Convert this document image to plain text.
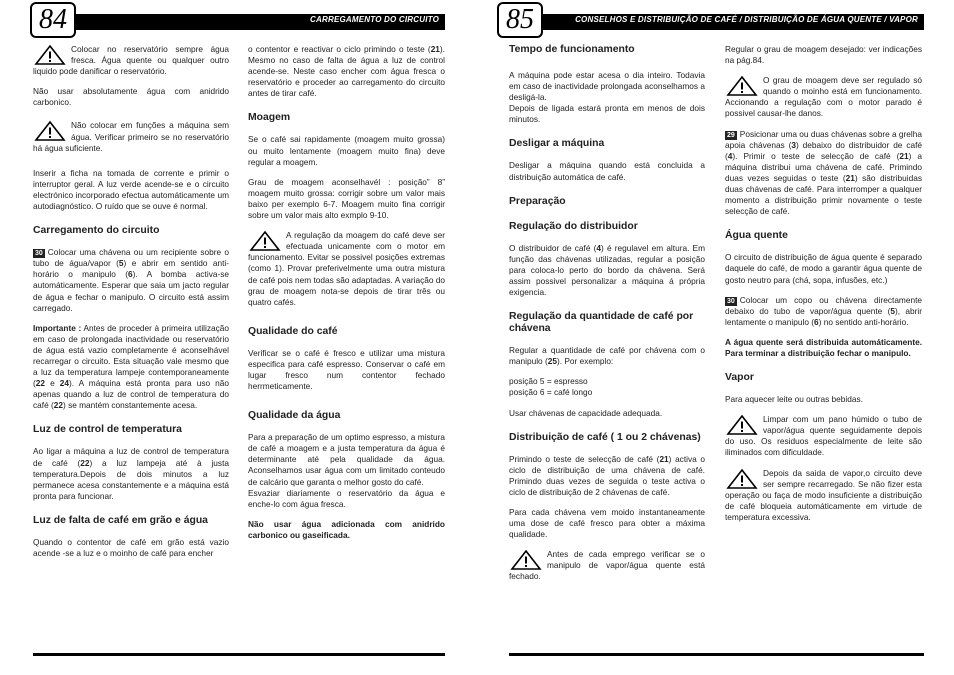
CARREGAMENTO DO CIRCUITO
84

Colocar no reservatório sempre água fresca. Água quente ou qualquer outro liquido pode danificar o reservatório.

Não usar absolutamente água com anidrido carbonico.

Não colocar em funções a máquina sem água. Verificar primeiro se no reservatório há água suficiente.

Inserir a ficha na tomada de corrente e primir o interruptor geral. A luz verde acende-se e o circuito electrónico incorporado efectua automáticamente um autodiagnóstico. O ruído que se ouve é normal.

Carregamento do circuito

30 Colocar uma chávena ou um recipiente sobre o tubo de água/vapor (5) e abrir em sentido anti-horário o manipulo (6). A bomba activa-se automáticamente. Esperar que saia um jacto regular de água e fechar o manipulo. O circuito está assim carregado.

Importante : Antes de proceder à primeira utilização em caso de prolongada inactividade ou reservatório de água está vazio completamente é aconselhável recarregar o circuito. Esta situação vale mesmo que a luz da temperatura lampeje contemporaneamente (22 e 24). A máquina está pronta para uso não apenas quando a luz de control de temperatura do café (22) se mantém constantemente acesa.

Luz de control de temperatura

Ao ligar a máquina a luz de control de temperatura de café (22) a luz lampeja até à justa temperatura.Depois de dois minutos a luz permanece acesa constantemente e a máquina está pronta para funcionar.

Luz de falta de café em grão e água

Quando o contentor de café em grão está vazio acende -se a luz e o moinho de café para encher

o contentor e reactivar o ciclo primindo o teste (21). Mesmo no caso de falta de água a luz de control acende-se. Neste caso encher com água fresca o reservatório e proceder ao carregamento do circuito antes de tirar café.

Moagem

Se o café sai rapidamente (moagem muito grossa) ou muito lentamente (moagem muito fina) deve regular a moagem.

Grau de moagem aconselhavél : posição” 8” moagem muito grossa: corrigir sobre um valor mais baixo per exemplo 6-7. Moagem muito fina corrigir sobre um valor mais alto exmplo 9-10.

A regulação da moagem do café deve ser efectuada unicamente com o motor em funcionamento. Evitar se possivel posições extremas (como 1). Provar preferivelmente uma outra mistura de café pois nem todas são adaptadas. A variação do grau de moagem nota-se depois de tirar três ou quatro cafés.

Qualidade do café

Verificar se o café é fresco e utilizar uma mistura especifica para café espresso. Conservar o café em lugar fresco num contentor fechado herrmeticamente.

Qualidade da água

Para a preparação de um optimo espresso, a mistura de café a moagem e a justa temperatura da água é determinante até pela qualidade da água. Aconselhamos usar água com um limitado conteudo de calcário que garanta o melhor gosto do café.

Esvaziar diariamente o reservatório da água e enche-lo com água fresca.

Não usar água adicionada com anidrido carbonico ou gaseificada.

CONSELHOS E DISTRIBUIÇÃO DE CAFÉ / DISTRIBUIÇÃO DE ÁGUA QUENTE / VAPOR
85
Tempo de funcionamento

A máquina pode estar acesa o dia inteiro. Todavia em caso de inactividade prolongada aconselhamos a desligá-la.

Depois de ligada estará pronta em menos de dois minutos.

Desligar a máquina

Desligar a máquina quando está concluida a distribuição automática de café.

Preparação
Regulação do distribuidor

O distribuidor de café (4) é regulavel em altura. Em função das chávenas utilizadas, regular a posição para coloca-lo perto do bordo da chávena. Será assim possivel personalizar a máquina á própria exigencia.

Regulação da quantidade de café por chávena

Regular a quantidade de café por chávena com o manipulo (25). Por exemplo:

posição 5 = espresso

posição 6 = café longo

Usar chávenas de capacidade adequada.

Distribuição de café ( 1 ou 2 chávenas)

Primindo o teste de selecção de café (21) activa o ciclo de distribuição de uma chávena de café. Primindo duas vezes de seguida o teste activa o ciclo de distribuição de 2 chávenas de café.

Para cada chávena vem moido instantaneamente uma dose de café fresco para obter a máxima qualidade.

Antes de cada emprego verificar se o manipulo de vapor/água quente está fechado.

Regular o grau de moagem desejado: ver indicações na pág.84.

O grau de moagem deve ser regulado só quando o moinho está em funcionamento. Accionando a regulação com o motor parado é possivel causar-lhe danos.

29 Posicionar uma ou duas chávenas sobre a grelha apoia chávenas (3) debaixo do distribuidor de café (4). Primir o teste de selecção de café (21) a máquina distribui uma chávena de café. Primindo duas vezes seguidas o teste (21) são distribuidas duas chávenas de café. Para interromper a qualquer momento a distribuição primir novamente o teste selecção de café.

Água quente

O circuito de distribuição de água quente é separado daquele do café, de modo a garantir água quente de gosto neutro para (chá, sopa, infusões, etc.)

30 Colocar um copo ou chávena directamente debaixo do tubo de vapor/água quente (5), abrir lentamente o manipulo (6) no sentido anti-horário.

A água quente será distribuida automáticamente. Para terminar a distribuição fechar o manipulo.

Vapor

Para aquecer leite ou outras bebidas.

Limpar com um pano húmido o tubo de vapor/água quente seguidamente depois do uso. Os residuos especialmente de leite são iliminados com dificuldade.

Depois da saida de vapor,o circuito deve ser sempre recarregado. Se não fizer esta operação ou faça de modo insuficiente a distribuição de café bloqueia automáticamente em virtude de temperatura excessiva.
